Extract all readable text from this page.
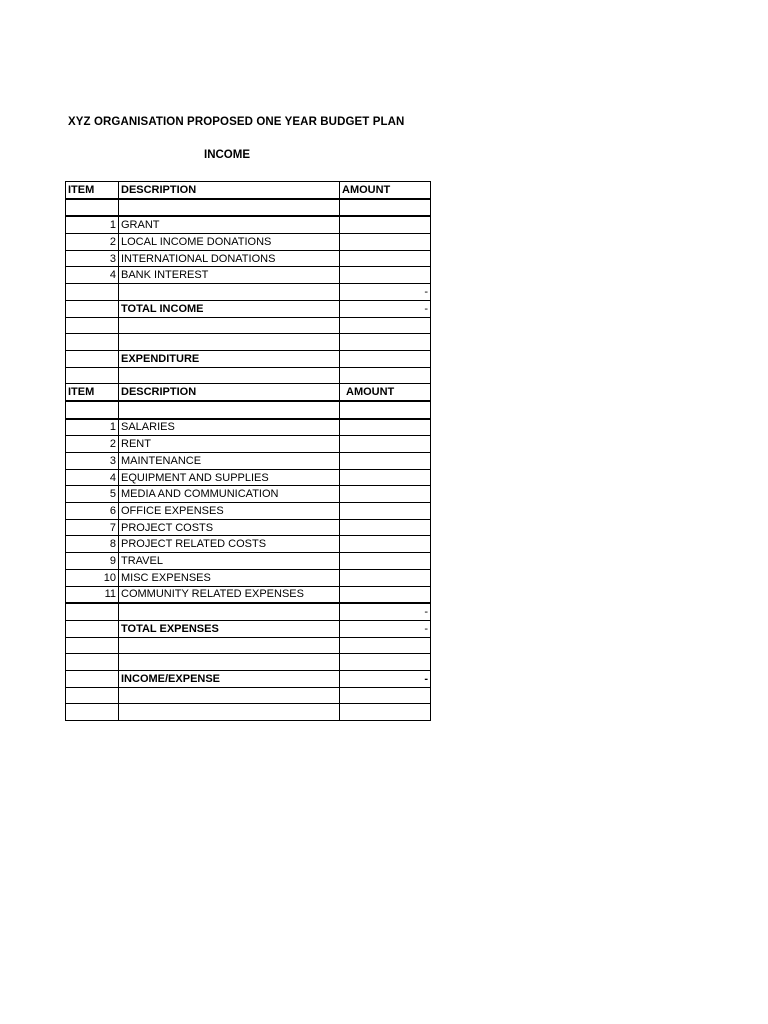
XYZ ORGANISATION PROPOSED ONE YEAR BUDGET PLAN
INCOME
ITEM	DESCRIPTION	AMOUNT

1	GRANT	
2	LOCAL INCOME DONATIONS	
3	INTERNATIONAL DONATIONS	
4	BANK INTEREST	
		-
	TOTAL INCOME	-

	EXPENDITURE	

ITEM	DESCRIPTION	AMOUNT

1	SALARIES	
2	RENT	
3	MAINTENANCE	
4	EQUIPMENT AND SUPPLIES	
5	MEDIA AND COMMUNICATION	
6	OFFICE EXPENSES	
7	PROJECT COSTS	
8	PROJECT RELATED COSTS	
9	TRAVEL	
10	MISC EXPENSES	
11	COMMUNITY RELATED EXPENSES	
		-
	TOTAL EXPENSES	-

	INCOME/EXPENSE	-
